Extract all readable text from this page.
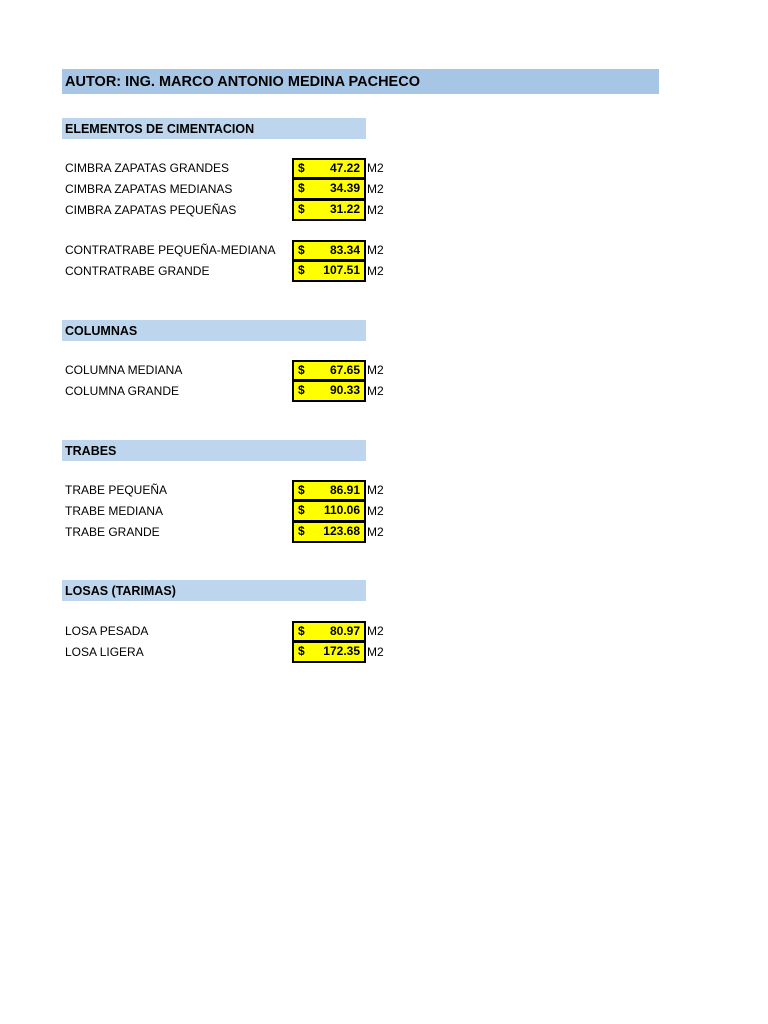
AUTOR: ING. MARCO ANTONIO MEDINA PACHECO
ELEMENTOS DE CIMENTACION
CIMBRA ZAPATAS GRANDES	$ 47.22 M2
CIMBRA ZAPATAS MEDIANAS	$ 34.39 M2
CIMBRA ZAPATAS PEQUEÑAS	$ 31.22 M2
CONTRATRABE PEQUEÑA-MEDIANA $ 83.34 M2
CONTRATRABE GRANDE	$ 107.51 M2
COLUMNAS
COLUMNA MEDIANA	$ 67.65 M2
COLUMNA GRANDE	$ 90.33 M2
TRABES
TRABE PEQUEÑA	$ 86.91 M2
TRABE MEDIANA	$ 110.06 M2
TRABE GRANDE	$ 123.68 M2
LOSAS (TARIMAS)
LOSA PESADA	$ 80.97 M2
LOSA LIGERA	$ 172.35 M2
